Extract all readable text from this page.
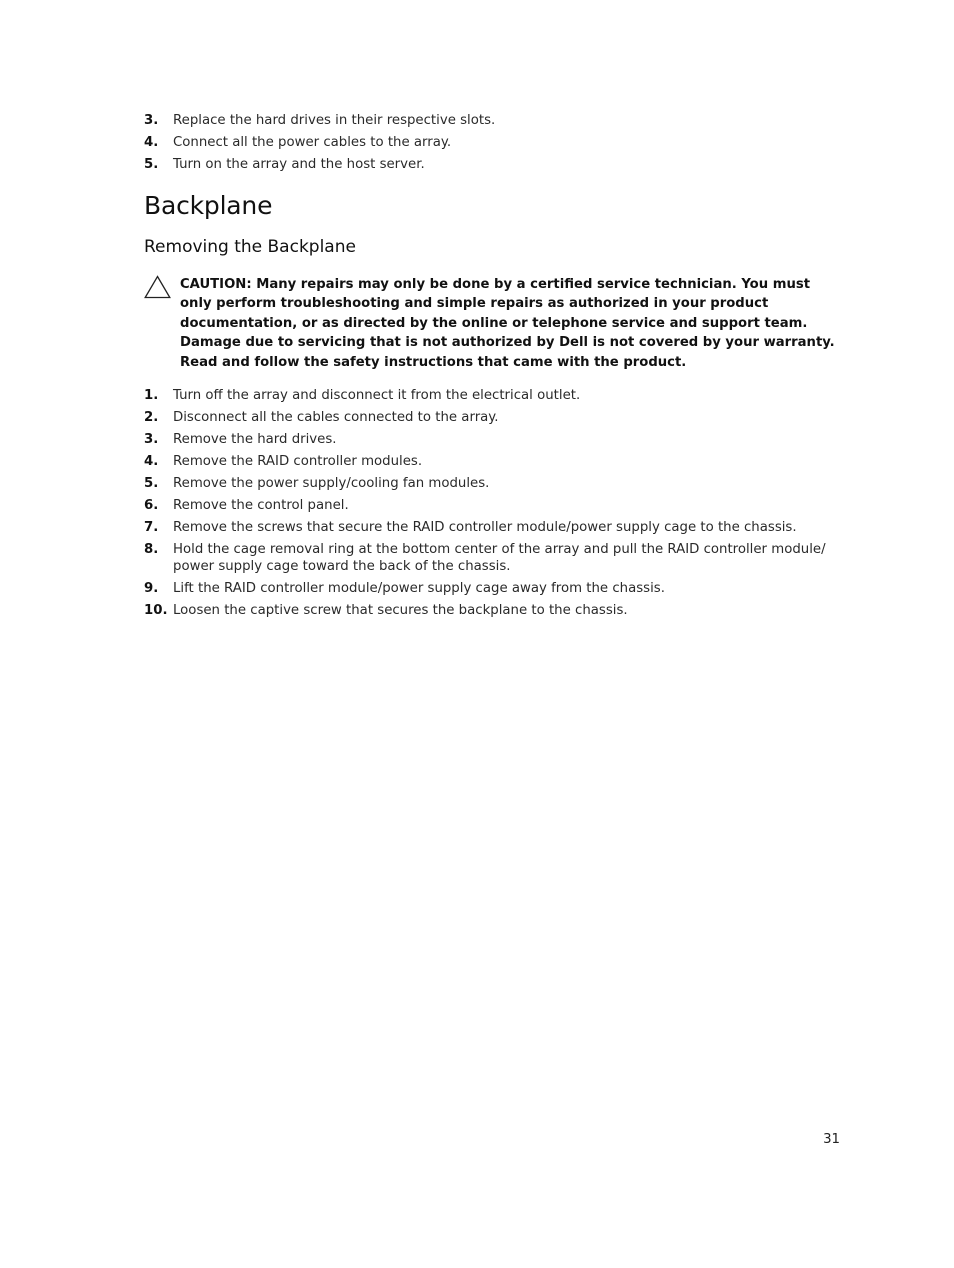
3. Replace the hard drives in their respective slots.
4. Connect all the power cables to the array.
5. Turn on the array and the host server.
Backplane
Removing the Backplane
CAUTION: Many repairs may only be done by a certified service technician. You must only perform troubleshooting and simple repairs as authorized in your product documentation, or as directed by the online or telephone service and support team. Damage due to servicing that is not authorized by Dell is not covered by your warranty. Read and follow the safety instructions that came with the product.
1. Turn off the array and disconnect it from the electrical outlet.
2. Disconnect all the cables connected to the array.
3. Remove the hard drives.
4. Remove the RAID controller modules.
5. Remove the power supply/cooling fan modules.
6. Remove the control panel.
7. Remove the screws that secure the RAID controller module/power supply cage to the chassis.
8. Hold the cage removal ring at the bottom center of the array and pull the RAID controller module/ power supply cage toward the back of the chassis.
9. Lift the RAID controller module/power supply cage away from the chassis.
10. Loosen the captive screw that secures the backplane to the chassis.
31
